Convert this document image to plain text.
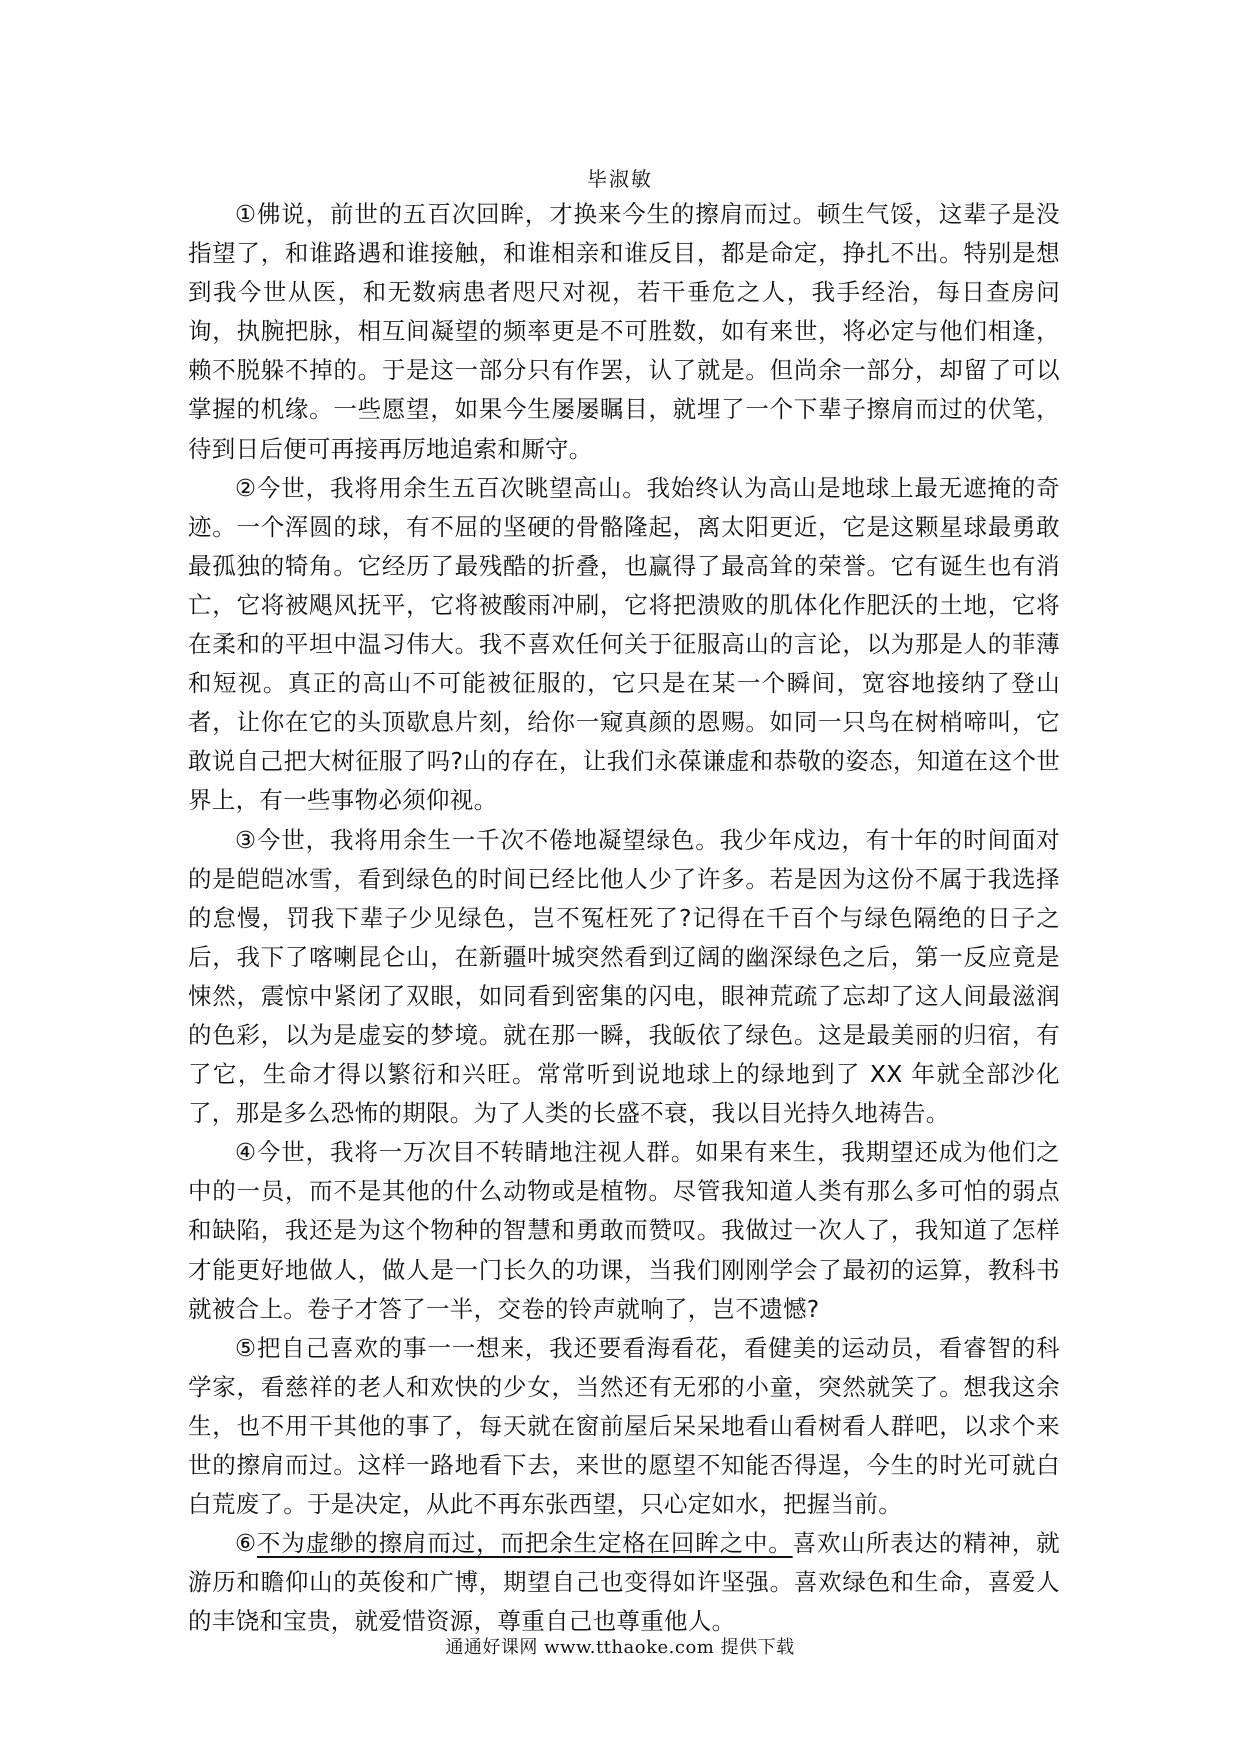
毕淑敏

①佛说，前世的五百次回眸，才换来今生的擦肩而过。顿生气馁，这辈子是没指望了，和谁路遇和谁接触，和谁相亲和谁反目，都是命定，挣扎不出。特别是想到我今世从医，和无数病患者咫尺对视，若干垂危之人，我手经治，每日查房问询，执腕把脉，相互间凝望的频率更是不可胜数，如有来世，将必定与他们相逢，赖不脱躲不掉的。于是这一部分只有作罢，认了就是。但尚余一部分，却留了可以掌握的机缘。一些愿望，如果今生屡屡瞩目，就埋了一个下辈子擦肩而过的伏笔，待到日后便可再接再厉地追索和厮守。

②今世，我将用余生五百次眺望高山。我始终认为高山是地球上最无遮掩的奇迹。一个浑圆的球，有不屈的坚硬的骨骼隆起，离太阳更近，它是这颗星球最勇敢最孤独的犄角。它经历了最残酷的折叠，也赢得了最高耸的荣誉。它有诞生也有消亡，它将被飓风抚平，它将被酸雨冲刷，它将把溃败的肌体化作肥沃的土地，它将在柔和的平坦中温习伟大。我不喜欢任何关于征服高山的言论，以为那是人的菲薄和短视。真正的高山不可能被征服的，它只是在某一个瞬间，宽容地接纳了登山者，让你在它的头顶歇息片刻，给你一窥真颜的恩赐。如同一只鸟在树梢啼叫，它敢说自己把大树征服了吗?山的存在，让我们永葆谦虚和恭敬的姿态，知道在这个世界上，有一些事物必须仰视。

③今世，我将用余生一千次不倦地凝望绿色。我少年戍边，有十年的时间面对的是皑皑冰雪，看到绿色的时间已经比他人少了许多。若是因为这份不属于我选择的怠慢，罚我下辈子少见绿色，岂不冤枉死了?记得在千百个与绿色隔绝的日子之后，我下了喀喇昆仑山，在新疆叶城突然看到辽阔的幽深绿色之后，第一反应竟是悚然，震惊中紧闭了双眼，如同看到密集的闪电，眼神荒疏了忘却了这人间最滋润的色彩，以为是虚妄的梦境。就在那一瞬，我皈依了绿色。这是最美丽的归宿，有了它，生命才得以繁衍和兴旺。常常听到说地球上的绿地到了 XX 年就全部沙化了，那是多么恐怖的期限。为了人类的长盛不衰，我以目光持久地祷告。

④今世，我将一万次目不转睛地注视人群。如果有来生，我期望还成为他们之中的一员，而不是其他的什么动物或是植物。尽管我知道人类有那么多可怕的弱点和缺陷，我还是为这个物种的智慧和勇敢而赞叹。我做过一次人了，我知道了怎样才能更好地做人，做人是一门长久的功课，当我们刚刚学会了最初的运算，教科书就被合上。卷子才答了一半，交卷的铃声就响了，岂不遗憾?

⑤把自己喜欢的事一一想来，我还要看海看花，看健美的运动员，看睿智的科学家，看慈祥的老人和欢快的少女，当然还有无邪的小童，突然就笑了。想我这余生，也不用干其他的事了，每天就在窗前屋后呆呆地看山看树看人群吧，以求个来世的擦肩而过。这样一路地看下去，来世的愿望不知能否得逞，今生的时光可就白白荒废了。于是决定，从此不再东张西望，只心定如水，把握当前。

⑥不为虚缈的擦肩而过，而把余生定格在回眸之中。喜欢山所表达的精神，就游历和瞻仰山的英俊和广博，期望自己也变得如许坚强。喜欢绿色和生命，喜爱人的丰饶和宝贵，就爱惜资源，尊重自己也尊重他人。

通通好课网 www.tthaoke.com 提供下载
